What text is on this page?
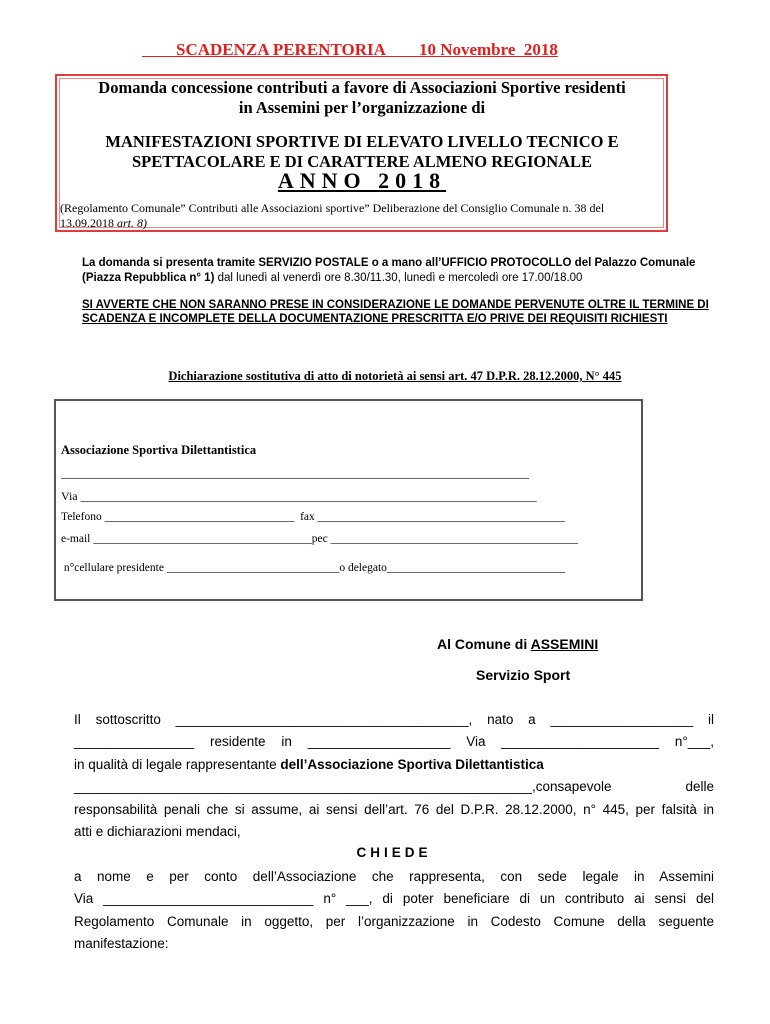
SCADENZA PERENTORIA 10 Novembre  2018
Domanda concessione contributi a favore di Associazioni Sportive residenti
in Assemini per l’organizzazione di
MANIFESTAZIONI SPORTIVE DI ELEVATO LIVELLO TECNICO E
SPETTACOLARE E DI CARATTERE ALMENO REGIONALE
ANNO 2018
(Regolamento Comunale” Contributi alle Associazioni sportive” Deliberazione del Consiglio Comunale n. 38 del 13.09.2018 art. 8)
La domanda si presenta tramite SERVIZIO POSTALE o a mano all’UFFICIO PROTOCOLLO del Palazzo Comunale (Piazza Repubblica n° 1) dal lunedì al venerdì ore 8.30/11.30, lunedì e mercoledì ore 17.00/18.00
SI AVVERTE CHE NON SARANNO PRESE IN CONSIDERAZIONE LE DOMANDE PERVENUTE OLTRE IL TERMINE DI SCADENZA E INCOMPLETE DELLA DOCUMENTAZIONE PRESCRITTA E/O PRIVE DEI REQUISITI RICHIESTI
Dichiarazione sostitutiva di atto di notorietà ai sensi art. 47 D.P.R. 28.12.2000, N° 445
Associazione Sportiva Dilettantistica
______________________________________________________________________________
Via ____________________________________________________________________________
Telefono _________________________________  fax ___________________________________________
e-mail ______________________________________pec ___________________________________________
n°cellulare presidente ______________________________o delegato_______________________________
Al Comune di ASSEMINI
Servizio Sport
Il sottoscritto _______________________________________, nato a ___________________ il
________________ residente in ___________________ Via _____________________ n°___,
in qualità di legale rappresentante dell’Associazione Sportiva Dilettantistica
_____________________________________________________________,consapevole delle
responsabilità penali che si assume, ai sensi dell’art. 76 del D.P.R. 28.12.2000, n° 445, per falsità in
atti e dichiarazioni mendaci,
CHIEDE
a nome e per conto dell’Associazione che rappresenta, con sede legale in Assemini
Via ____________________________ n° ___, di poter beneficiare di un contributo ai sensi del
Regolamento Comunale in oggetto, per l’organizzazione in Codesto Comune della seguente
manifestazione:
